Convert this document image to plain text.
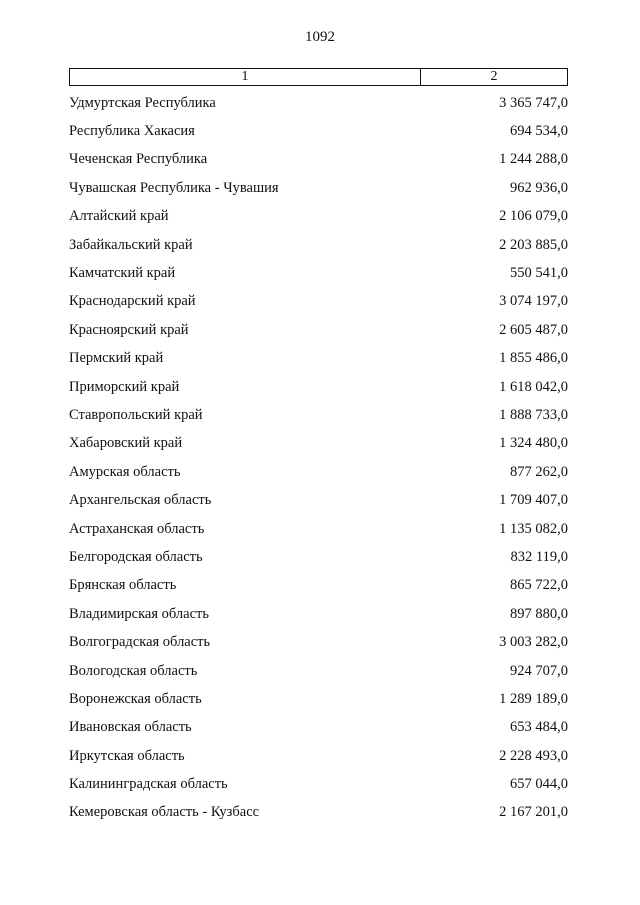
1092
1	2
Удмуртская Республика	3 365 747,0
Республика Хакасия	694 534,0
Чеченская Республика	1 244 288,0
Чувашская Республика - Чувашия	962 936,0
Алтайский край	2 106 079,0
Забайкальский край	2 203 885,0
Камчатский край	550 541,0
Краснодарский край	3 074 197,0
Красноярский край	2 605 487,0
Пермский край	1 855 486,0
Приморский край	1 618 042,0
Ставропольский край	1 888 733,0
Хабаровский край	1 324 480,0
Амурская область	877 262,0
Архангельская область	1 709 407,0
Астраханская область	1 135 082,0
Белгородская область	832 119,0
Брянская область	865 722,0
Владимирская область	897 880,0
Волгоградская область	3 003 282,0
Вологодская область	924 707,0
Воронежская область	1 289 189,0
Ивановская область	653 484,0
Иркутская область	2 228 493,0
Калининградская область	657 044,0
Кемеровская область - Кузбасс	2 167 201,0
